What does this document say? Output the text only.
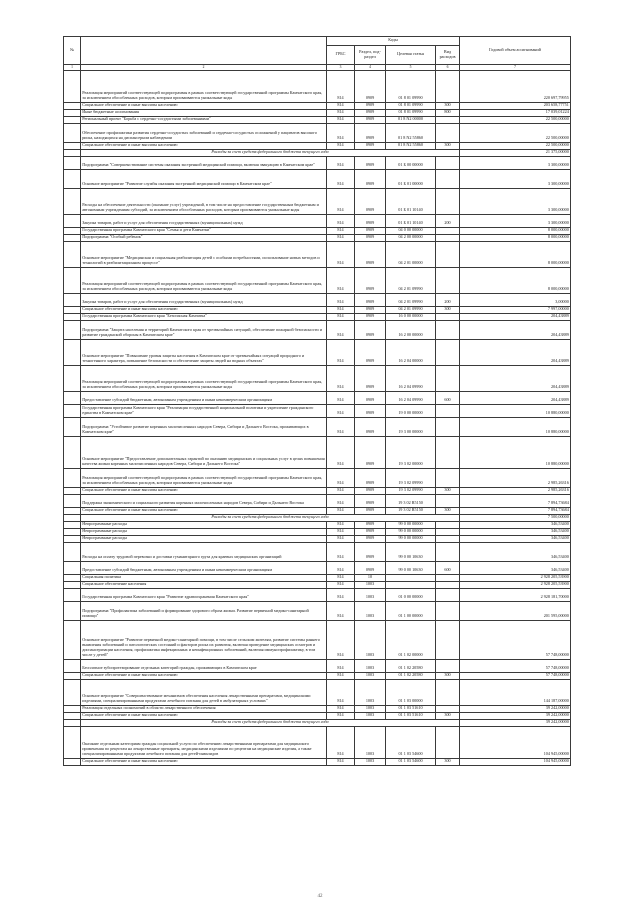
№		Коды				Годовой объем ассигнований
		ГРБС	Раздел, под-раздел	Целевая статья	Вид расходов	
1	2	3	4	5	6	7
	Реализация мероприятий соответствующей подпрограммы в рамках соответствующей государственной программы Камчатского края, за исключением обособленных расходов, которым присваиваются уникальные коды	814	0909	01 8 01 09990		220 697,79955
	Социальное обеспечение и иные выплаты населению	814	0909	01 8 01 09990	300	203 658,77751
	Иные бюджетные ассигнования	814	0909	01 8 01 09990	800	17 039,01224
	Региональный проект "Борьба с сердечно-сосудистыми заболеваниями"	814	0909	01 8 N2 00000		22 500,00000
	Обеспечение профилактики развития сердечно-сосудистых заболеваний и сердечно-сосудистых осложнений у пациентов высокого риска, находящихся на диспансерном наблюдении	814	0909	01 8 N2 55860		22 500,00000
	Социальное обеспечение и иные выплаты населению	814	0909	01 8 N2 55860	300	22 500,00000
	Расходы за счет средств федерального бюджета текущего года					21 375,00000
	Подпрограмма "Совершенствование системы оказания экстренной медицинской помощи, включая эвакуацию в Камчатском крае"	814	0909	01 Б 00 00000		3 300,00000
	Основное мероприятие "Развитие службы оказания экстренной медицинской помощи в Камчатском крае"	814	0909	01 Б 01 00000		3 300,00000
	Расходы на обеспечение деятельности (оказание услуг) учреждений, в том числе на предоставление государственным бюджетным и автономным учреждениям субсидий, за исключением обособленных расходов, которым присваиваются уникальные коды	814	0909	01 Б 01 10140		3 300,00000
	Закупка товаров, работ и услуг для обеспечения государственных (муниципальных) нужд	814	0909	01 Б 01 10140	200	3 300,00000
	Государственная программа Камчатского края "Семья и дети Камчатки"	814	0909	04 0 00 00000		8 000,00000
	Подпрограмма "Особый ребенок"	814	0909	04 2 00 00000		8 000,00000
	Основное мероприятие "Медицинская и социальная реабилитация детей с особыми потребностями, использование новых методов и технологий в реабилитационном процессе"	814	0909	04 2 01 00000		8 000,00000
	Реализация мероприятий соответствующей подпрограммы в рамках соответствующей государственной программы Камчатского края, за исключением обособленных расходов, которым присваиваются уникальные коды	814	0909	04 2 01 09990		8 000,00000
	Закупка товаров, работ и услуг для обеспечения государственных (муниципальных) нужд	814	0909	04 2 01 09990	200	3,00000
	Социальное обеспечение и иные выплаты населению	814	0909	04 2 01 09990	300	7 997,00000
	Государственная программа Камчатского края "Безопасная Камчатка"	814	0909	16 0 00 00000		204,43889
	Подпрограмма "Защита населения и территорий Камчатского края от чрезвычайных ситуаций, обеспечение пожарной безопасности и развитие гражданской обороны в Камчатском крае"	814	0909	16 2 00 00000		204,43889
	Основное мероприятие "Повышение уровня защиты населения в Камчатском крае от чрезвычайных ситуаций природного и техногенного характера, повышение безопасности и обеспечение защиты людей на водных объектах"	814	0909	16 2 04 00000		204,43889
	Реализация мероприятий соответствующей подпрограммы в рамках соответствующей государственной программы Камчатского края, за исключением обособленных расходов, которым присваиваются уникальные коды	814	0909	16 2 04 09990		204,43889
	Предоставление субсидий бюджетным, автономным учреждениям и иным некоммерческим организациям	814	0909	16 2 04 09990	600	204,43889
	Государственная программа Камчатского края "Реализация государственной национальной политики и укрепление гражданского единства в Камчатском крае"	814	0909	19 0 00 00000		10 880,00000
	Подпрограмма "Устойчивое развитие коренных малочисленных народов Севера, Сибири и Дальнего Востока, проживающих в Камчатском крае"	814	0909	19 3 00 00000		10 880,00000
	Основное мероприятие "Предоставление дополнительных гарантий по оказанию медицинских и социальных услуг в целях повышения качества жизни коренных малочисленных народов Севера, Сибири и Дальнего Востока"	814	0909	19 3 02 00000		10 880,00000
	Реализация мероприятий соответствующей подпрограммы в рамках соответствующей государственной программы Камчатского края, за исключением обособленных расходов, которым присваиваются уникальные коды	814	0909	19 3 02 09990		2 985,26316
	Социальное обеспечение и иные выплаты населению	814	0909	19 3 02 09990	300	2 985,26316
	Поддержка экономического и социального развития коренных малочисленных народов Севера, Сибири и Дальнего Востока	814	0909	19 3 02 R5150		7 894,73684
	Социальное обеспечение и иные выплаты населению	814	0909	19 3 02 R5150	300	7 894,73684
	Расходы за счет средств федерального бюджета текущего года					7 500,00000
	Непрограммные расходы	814	0909	99 0 00 00000		346,53400
	Непрограммные расходы	814	0909	99 0 00 00000		346,53400
	Непрограммные расходы	814	0909	99 0 00 00000		346,53400
	Расходы на оплату трудовой перевозки и доставки гуманитарного груза для краевых медицинских организаций	814	0909	99 0 00 10630		346,53400
	Предоставление субсидий бюджетным, автономным учреждениям и иным некоммерческим организациям	814	0909	99 0 00 10630	600	346,53400
	Социальная политика	814	10			2 928 205,53900
	Социальное обеспечение населения	814	1003			2 928 205,53900
	Государственная программа Камчатского края "Развитие здравоохранения Камчатского края"	814	1003	01 0 00 00000		2 928 181,70000
	Подпрограмма "Профилактика заболеваний и формирование здорового образа жизни. Развитие первичной медико-санитарной помощи"	814	1003	01 1 00 00000		201 595,00000
	Основное мероприятие "Развитие первичной медико-санитарной помощи, в том числе сельским жителям, развитие системы раннего выявления заболеваний и патологических состояний и факторов риска их развития, включая проведение медицинских осмотров и диспансеризации населения, профилактика инфекционных и неинфекционных заболеваний, включая иммунопрофилактику, в том числе у детей"	814	1003	01 1 02 00000		57 748,00000
	Бесплатное зубопротезирование отдельных категорий граждан, проживающих в Камчатском крае	814	1003	01 1 02 20580		57 748,00000
	Социальное обеспечение и иные выплаты населению	814	1003	01 1 02 20580	300	57 748,00000
	Основное мероприятие "Совершенствование механизмов обеспечения населения лекарственными препаратами, медицинскими изделиями, специализированными продуктами лечебного питания для детей в амбулаторных условиях"	814	1003	01 1 03 00000		144 187,00000
	Реализация отдельных полномочий в области лекарственного обеспечения	814	1003	01 1 03 51610		39 242,00000
	Социальное обеспечение и иные выплаты населению	814	1003	01 1 03 51610	300	39 242,00000
	Расходы за счет средств федерального бюджета текущего года					39 242,00000
	Оказание отдельным категориям граждан социальной услуги по обеспечению лекарственными препаратами для медицинского применения по рецептам на лекарственные препараты, медицинскими изделиями по рецептам на медицинские изделия, а также специализированными продуктами лечебного питания для детей-инвалидов	814	1003	01 1 03 54600		104 945,00000
	Социальное обеспечение и иные выплаты населению	814	1003	01 1 03 54600	300	104 945,00000
42
